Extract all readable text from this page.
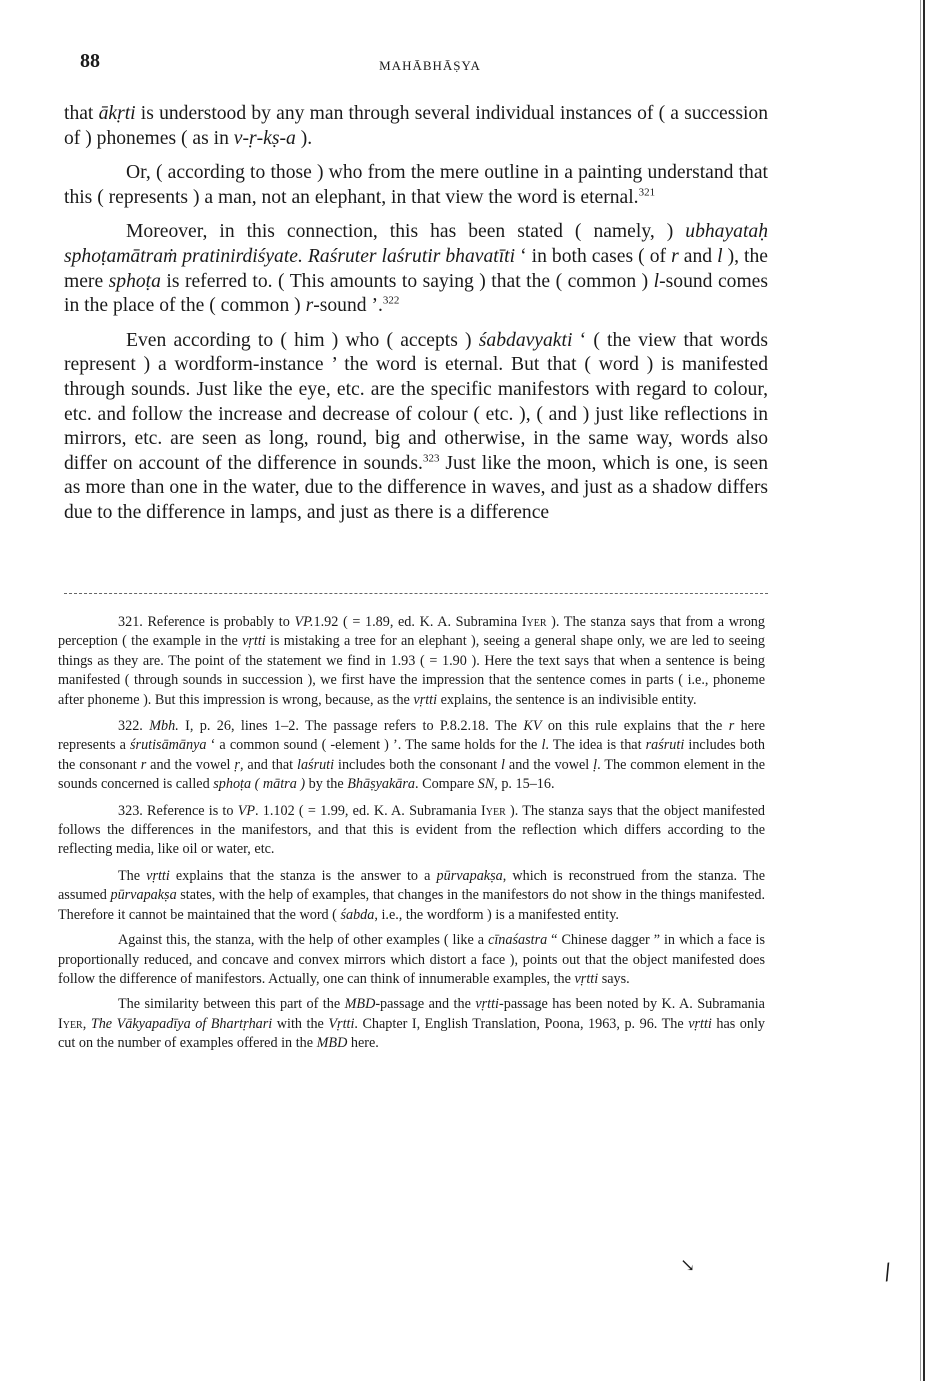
88	MAHĀBHĀṢYA

that ākṛti is understood by any man through several individual instances of ( a succession of ) phonemes ( as in v-ṛ-kṣ-a ).

Or, ( according to those ) who from the mere outline in a painting understand that this ( represents ) a man, not an elephant, in that view the word is eternal.$^{321}$

Moreover, in this connection, this has been stated ( namely, ) ubhayataḥ sphoṭamātraṁ pratinirdiśyate. Raśruter laśrutir bhavatīti ‘ in both cases ( of r and l ), the mere sphoṭa is referred to. ( This amounts to saying ) that the ( common ) l-sound comes in the place of the ( common ) r-sound ’.$^{322}$

Even according to ( him ) who ( accepts ) śabdavyakti ‘ ( the view that words represent ) a wordform-instance ’ the word is eternal. But that ( word ) is manifested through sounds. Just like the eye, etc. are the specific manifestors with regard to colour, etc. and follow the increase and decrease of colour ( etc. ), ( and ) just like reflections in mirrors, etc. are seen as long, round, big and otherwise, in the same way, words also differ on account of the difference in sounds.$^{323}$ Just like the moon, which is one, is seen as more than one in the water, due to the difference in waves, and just as a shadow differs due to the difference in lamps, and just as there is a difference

321. Reference is probably to VP.1.92 ( = 1.89, ed. K. A. Subramina Iyer ). The stanza says that from a wrong perception ( the example in the vṛtti is mistaking a tree for an elephant ), seeing a general shape only, we are led to seeing things as they are. The point of the statement we find in 1.93 ( = 1.90 ). Here the text says that when a sentence is being manifested ( through sounds in succession ), we first have the impression that the sentence comes in parts ( i.e., phoneme after phoneme ). But this impression is wrong, because, as the vṛtti explains, the sentence is an indivisible entity.

322. Mbh. I, p. 26, lines 1–2. The passage refers to P.8.2.18. The KV on this rule explains that the r here represents a śrutisāmānya ‘ a common sound ( -element ) ’. The same holds for the l. The idea is that raśruti includes both the consonant r and the vowel ṛ, and that laśruti includes both the consonant l and the vowel ḷ. The common element in the sounds concerned is called sphoṭa ( mātra ) by the Bhāṣyakāra. Compare SN, p. 15–16.

323. Reference is to VP. 1.102 ( = 1.99, ed. K. A. Subramania Iyer ). The stanza says that the object manifested follows the differences in the manifestors, and that this is evident from the reflection which differs according to the reflecting media, like oil or water, etc.

The vṛtti explains that the stanza is the answer to a pūrvapakṣa, which is reconstrued from the stanza. The assumed pūrvapakṣa states, with the help of examples, that changes in the manifestors do not show in the things manifested. Therefore it cannot be maintained that the word ( śabda, i.e., the wordform ) is a manifested entity.

Against this, the stanza, with the help of other examples ( like a cīnaśastra “ Chinese dagger ” in which a face is proportionally reduced, and concave and convex mirrors which distort a face ), points out that the object manifested does follow the difference of manifestors. Actually, one can think of innumerable examples, the vṛtti says.

The similarity between this part of the MBD-passage and the vṛtti-passage has been noted by K. A. Subramania Iyer, The Vākyapadīya of Bhartṛhari with the Vṛtti. Chapter I, English Translation, Poona, 1963, p. 96. The vṛtti has only cut on the number of examples offered in the MBD here.

↘	/
